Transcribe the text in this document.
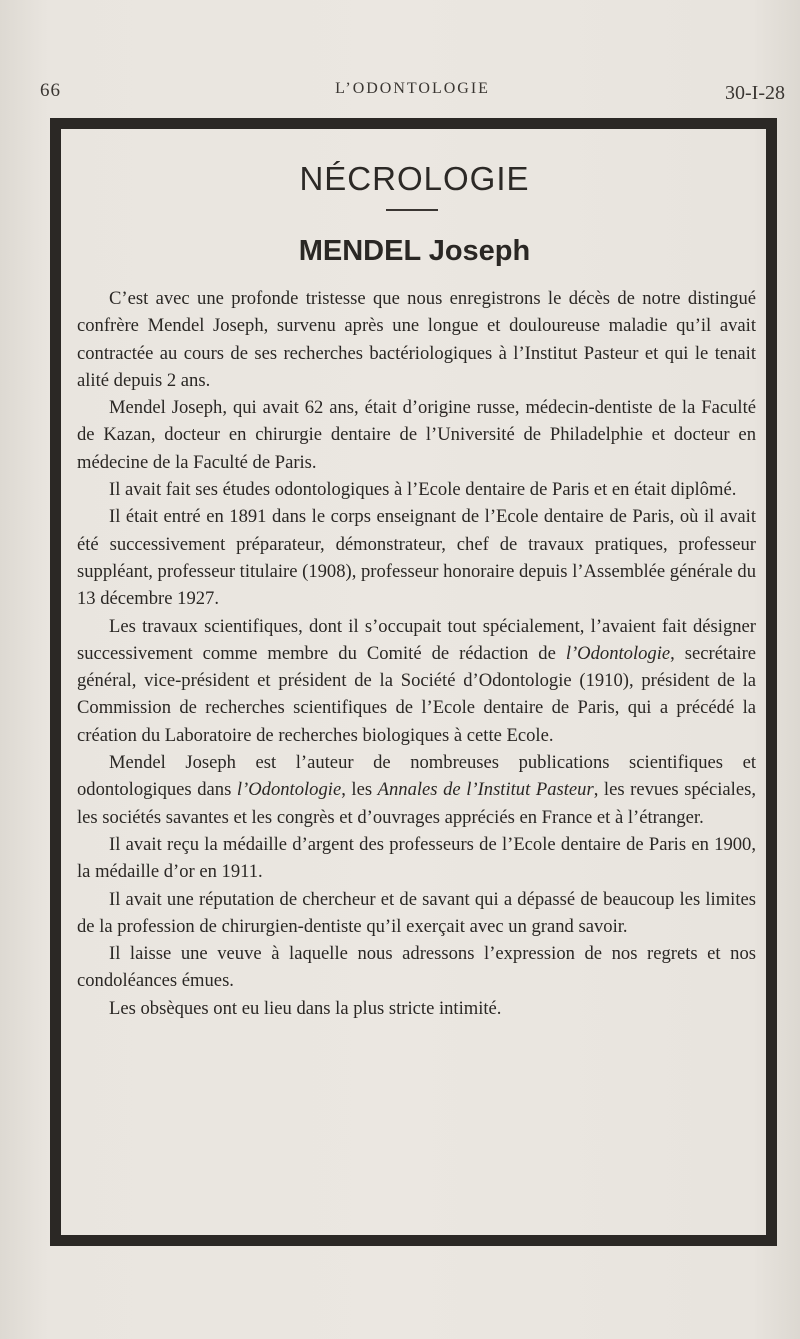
66	L’ODONTOLOGIE	30-I-28
NÉCROLOGIE
MENDEL Joseph

C’est avec une profonde tristesse que nous enregistrons le décès de notre distingué confrère Mendel Joseph, survenu après une longue et douloureuse maladie qu’il avait contractée au cours de ses recherches bactériologiques à l’Institut Pasteur et qui le tenait alité depuis 2 ans.

Mendel Joseph, qui avait 62 ans, était d’origine russe, médecin-dentiste de la Faculté de Kazan, docteur en chirurgie dentaire de l’Université de Philadelphie et docteur en médecine de la Faculté de Paris.

Il avait fait ses études odontologiques à l’Ecole dentaire de Paris et en était diplômé.

Il était entré en 1891 dans le corps enseignant de l’Ecole dentaire de Paris, où il avait été successivement préparateur, démonstrateur, chef de travaux pratiques, professeur suppléant, professeur titulaire (1908), professeur honoraire depuis l’Assemblée générale du 13 décembre 1927.

Les travaux scientifiques, dont il s’occupait tout spécialement, l’avaient fait désigner successivement comme membre du Comité de rédaction de l’Odontologie, secrétaire général, vice-président et président de la Société d’Odontologie (1910), président de la Commission de recherches scientifiques de l’Ecole dentaire de Paris, qui a précédé la création du Laboratoire de recherches biologiques à cette Ecole.

Mendel Joseph est l’auteur de nombreuses publications scientifiques et odontologiques dans l’Odontologie, les Annales de l’Institut Pasteur, les revues spéciales, les sociétés savantes et les congrès et d’ouvrages appréciés en France et à l’étranger.

Il avait reçu la médaille d’argent des professeurs de l’Ecole dentaire de Paris en 1900, la médaille d’or en 1911.

Il avait une réputation de chercheur et de savant qui a dépassé de beaucoup les limites de la profession de chirurgien-dentiste qu’il exerçait avec un grand savoir.

Il laisse une veuve à laquelle nous adressons l’expression de nos regrets et nos condoléances émues.

Les obsèques ont eu lieu dans la plus stricte intimité.
